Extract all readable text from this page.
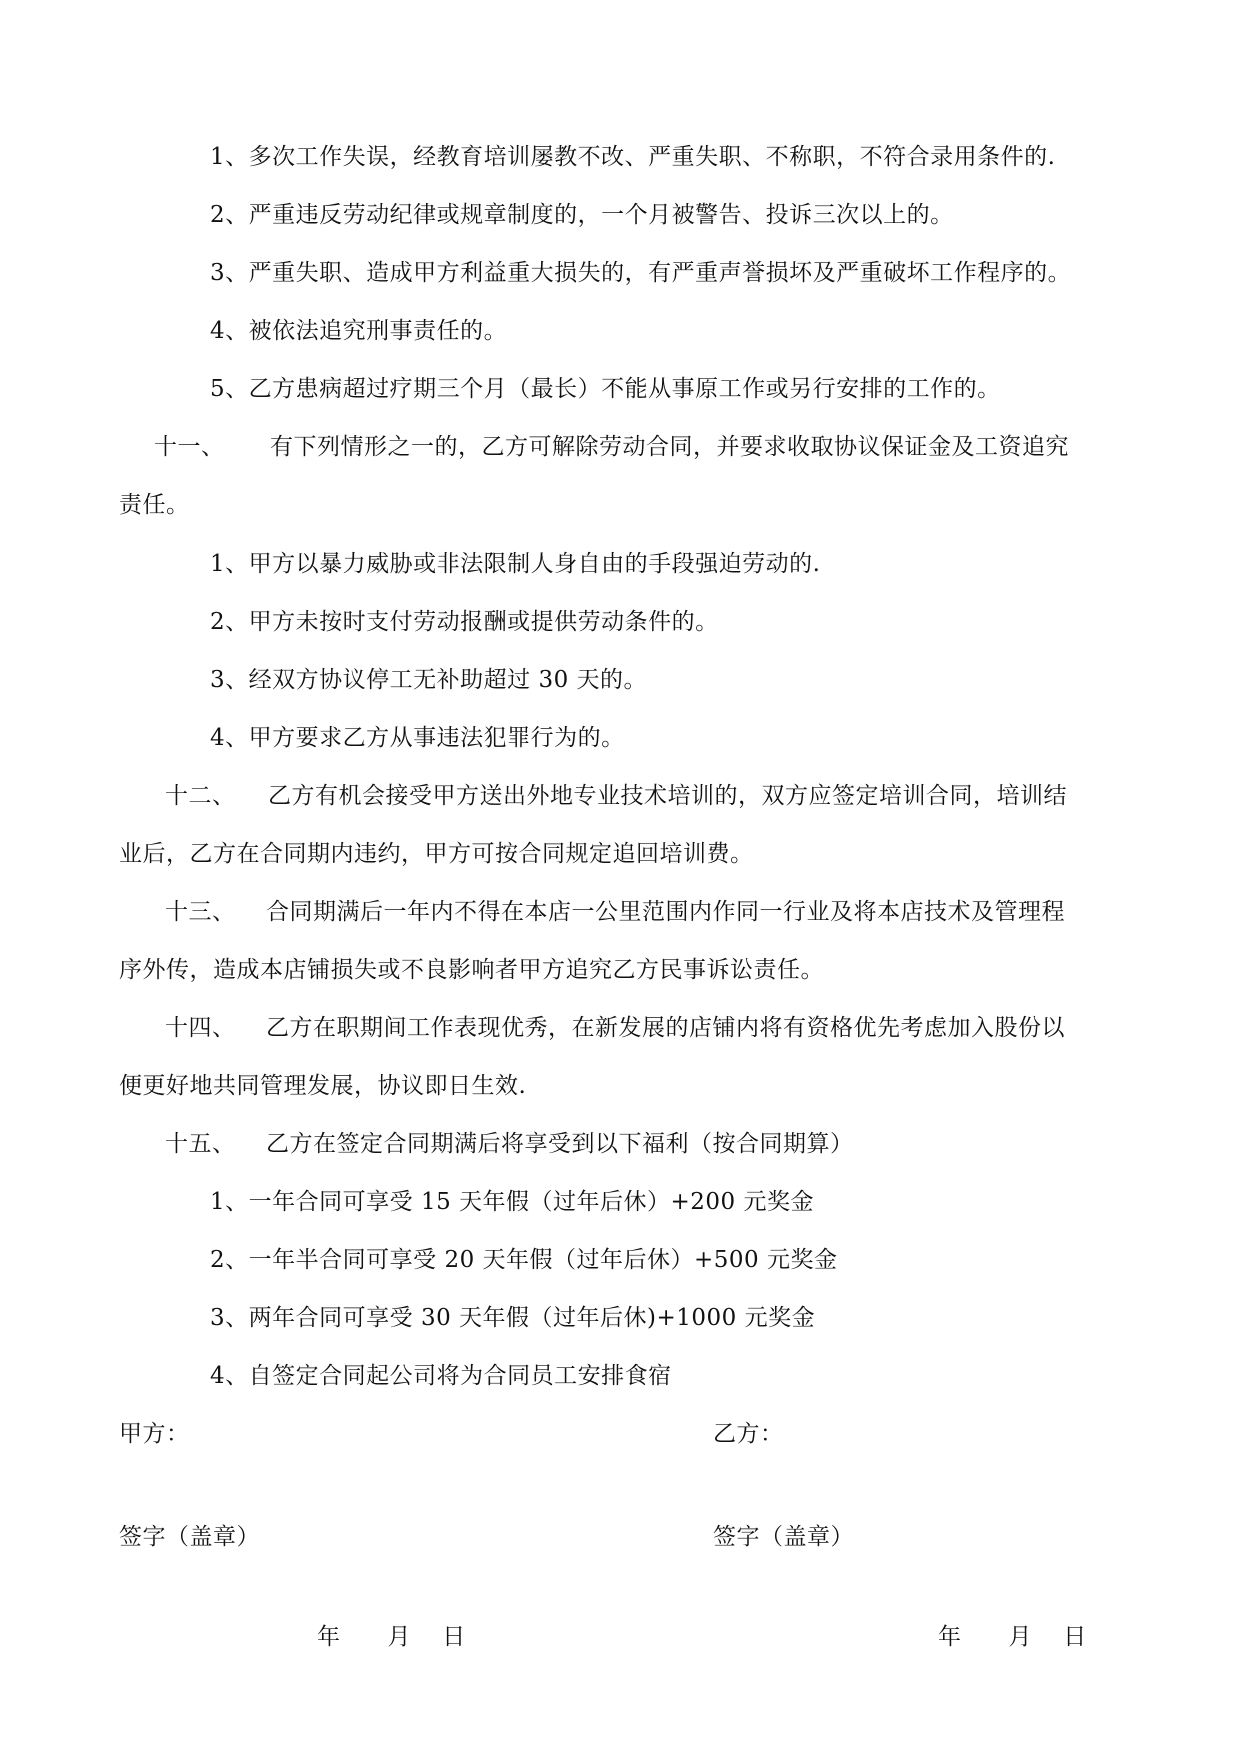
1、多次工作失误，经教育培训屡教不改、严重失职、不称职，不符合录用条件的.
2、严重违反劳动纪律或规章制度的，一个月被警告、投诉三次以上的。
3、严重失职、造成甲方利益重大损失的，有严重声誉损坏及严重破坏工作程序的。
4、被依法追究刑事责任的。
5、乙方患病超过疗期三个月（最长）不能从事原工作或另行安排的工作的。
十一、 有下列情形之一的，乙方可解除劳动合同，并要求收取协议保证金及工资追究
责任。
1、甲方以暴力威胁或非法限制人身自由的手段强迫劳动的.
2、甲方未按时支付劳动报酬或提供劳动条件的。
3、经双方协议停工无补助超过 30 天的。
4、甲方要求乙方从事违法犯罪行为的。
十二、 乙方有机会接受甲方送出外地专业技术培训的，双方应签定培训合同，培训结
业后，乙方在合同期内违约，甲方可按合同规定追回培训费。
十三、 合同期满后一年内不得在本店一公里范围内作同一行业及将本店技术及管理程
序外传，造成本店铺损失或不良影响者甲方追究乙方民事诉讼责任。
十四、 乙方在职期间工作表现优秀，在新发展的店铺内将有资格优先考虑加入股份以
便更好地共同管理发展，协议即日生效.
十五、 乙方在签定合同期满后将享受到以下福利（按合同期算）
1、一年合同可享受 15 天年假（过年后休）+200 元奖金
2、一年半合同可享受 20 天年假（过年后休）+500 元奖金
3、两年合同可享受 30 天年假（过年后休)+1000 元奖金
4、自签定合同起公司将为合同员工安排食宿
甲方：	乙方：
签字（盖章）	签字（盖章）
年　　月　 日	年　　月　 日
